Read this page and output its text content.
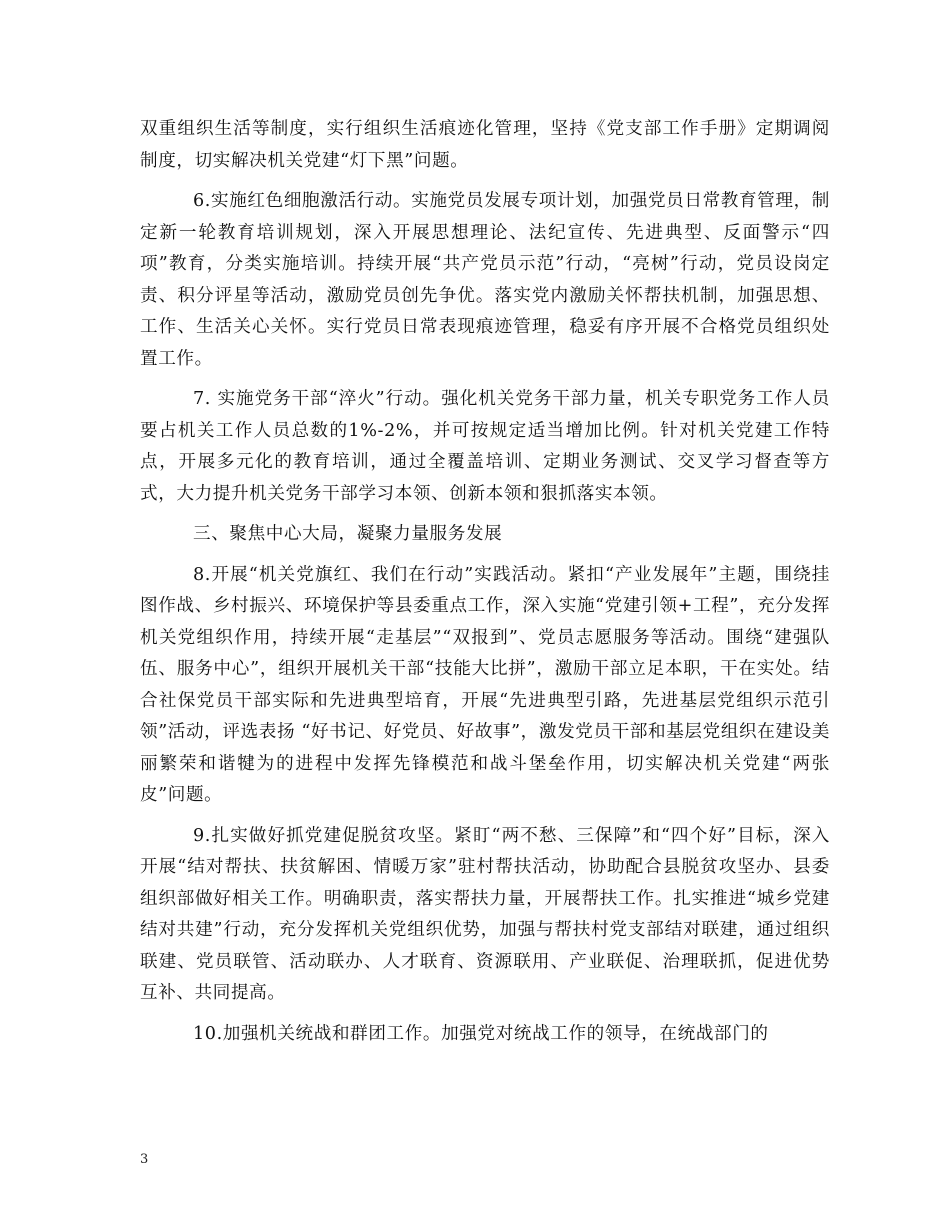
双重组织生活等制度，实行组织生活痕迹化管理，坚持《党支部工作手册》定期调阅制度，切实解决机关党建“灯下黑”问题。

6.实施红色细胞激活行动。实施党员发展专项计划，加强党员日常教育管理，制定新一轮教育培训规划，深入开展思想理论、法纪宣传、先进典型、反面警示“四项”教育，分类实施培训。持续开展“共产党员示范”行动，“亮树”行动，党员设岗定责、积分评星等活动，激励党员创先争优。落实党内激励关怀帮扶机制，加强思想、工作、生活关心关怀。实行党员日常表现痕迹管理，稳妥有序开展不合格党员组织处置工作。

7. 实施党务干部“淬火”行动。强化机关党务干部力量，机关专职党务工作人员要占机关工作人员总数的1%-2%，并可按规定适当增加比例。针对机关党建工作特点，开展多元化的教育培训，通过全覆盖培训、定期业务测试、交叉学习督查等方式，大力提升机关党务干部学习本领、创新本领和狠抓落实本领。

三、聚焦中心大局，凝聚力量服务发展

8.开展“机关党旗红、我们在行动”实践活动。紧扣“产业发展年”主题，围绕挂图作战、乡村振兴、环境保护等县委重点工作，深入实施“党建引领+工程”，充分发挥机关党组织作用，持续开展“走基层”“双报到”、党员志愿服务等活动。围绕“建强队伍、服务中心”，组织开展机关干部“技能大比拼”，激励干部立足本职，干在实处。结合社保党员干部实际和先进典型培育，开展“先进典型引路，先进基层党组织示范引领”活动，评选表扬 “好书记、好党员、好故事”，激发党员干部和基层党组织在建设美丽繁荣和谐犍为的进程中发挥先锋模范和战斗堡垒作用，切实解决机关党建“两张皮”问题。

9.扎实做好抓党建促脱贫攻坚。紧盯“两不愁、三保障”和“四个好”目标，深入开展“结对帮扶、扶贫解困、情暖万家”驻村帮扶活动，协助配合县脱贫攻坚办、县委组织部做好相关工作。明确职责，落实帮扶力量，开展帮扶工作。扎实推进“城乡党建结对共建”行动，充分发挥机关党组织优势，加强与帮扶村党支部结对联建，通过组织联建、党员联管、活动联办、人才联育、资源联用、产业联促、治理联抓，促进优势互补、共同提高。

10.加强机关统战和群团工作。加强党对统战工作的领导，在统战部门的

3
